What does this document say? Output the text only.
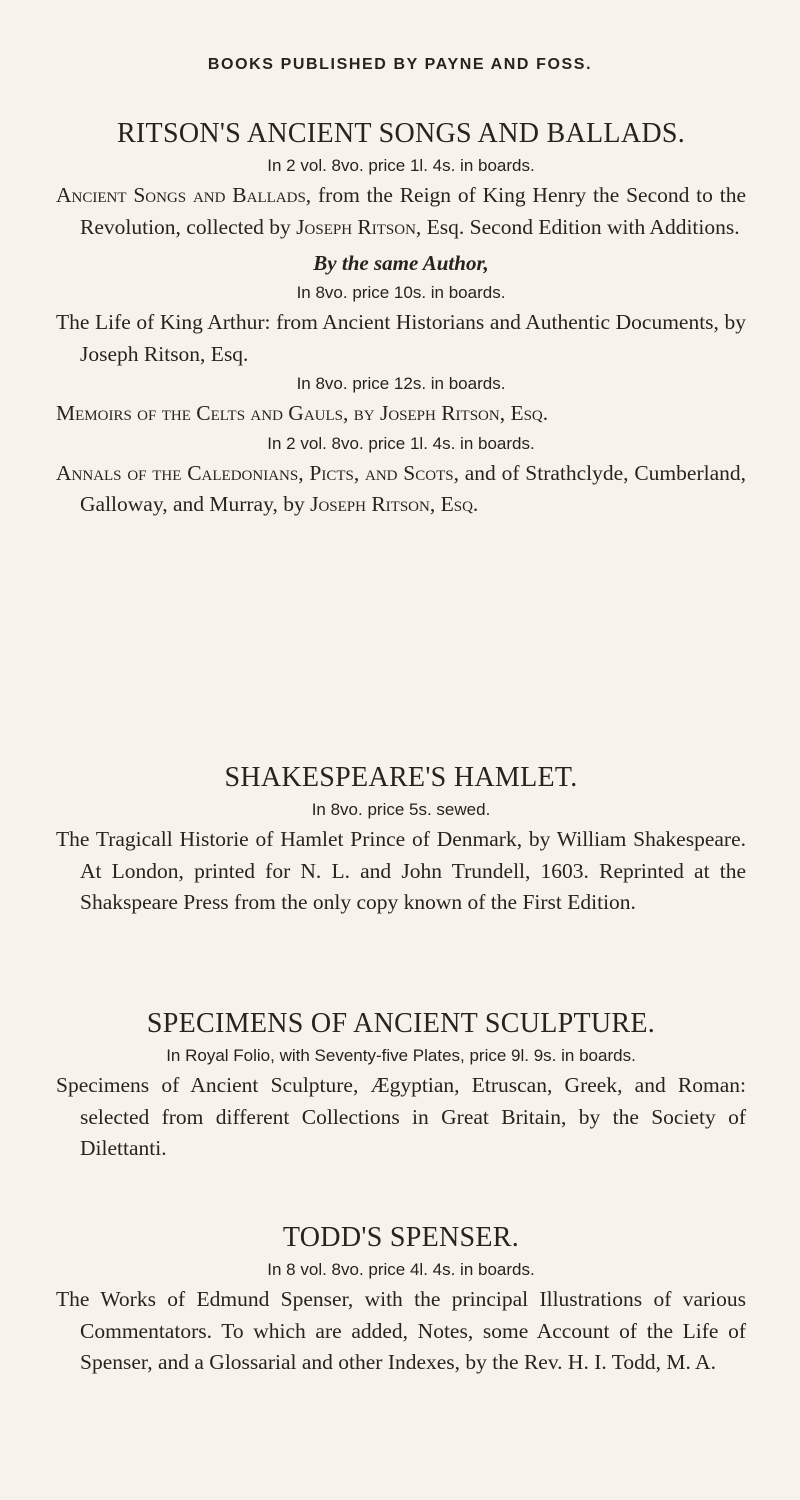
BOOKS PUBLISHED BY PAYNE AND FOSS.
RITSON'S ANCIENT SONGS AND BALLADS.
In 2 vol. 8vo. price 1l. 4s. in boards.
Ancient Songs and Ballads, from the Reign of King Henry the Second to the Revolution, collected by Joseph Ritson, Esq. Second Edition with Additions.
By the same Author,
In 8vo. price 10s. in boards.
The Life of King Arthur: from Ancient Historians and Authentic Documents, by Joseph Ritson, Esq.
In 8vo. price 12s. in boards.
Memoirs of the Celts and Gauls, by Joseph Ritson, Esq.
In 2 vol. 8vo. price 1l. 4s. in boards.
Annals of the Caledonians, Picts, and Scots, and of Strathclyde, Cumberland, Galloway, and Murray, by Joseph Ritson, Esq.
SHAKESPEARE'S HAMLET.
In 8vo. price 5s. sewed.
The Tragicall Historie of Hamlet Prince of Denmark, by William Shakespeare. At London, printed for N. L. and John Trundell, 1603. Reprinted at the Shakspeare Press from the only copy known of the First Edition.
SPECIMENS OF ANCIENT SCULPTURE.
In Royal Folio, with Seventy-five Plates, price 9l. 9s. in boards.
Specimens of Ancient Sculpture, Ægyptian, Etruscan, Greek, and Roman: selected from different Collections in Great Britain, by the Society of Dilettanti.
TODD'S SPENSER.
In 8 vol. 8vo. price 4l. 4s. in boards.
The Works of Edmund Spenser, with the principal Illustrations of various Commentators. To which are added, Notes, some Account of the Life of Spenser, and a Glossarial and other Indexes, by the Rev. H. I. Todd, M. A.
